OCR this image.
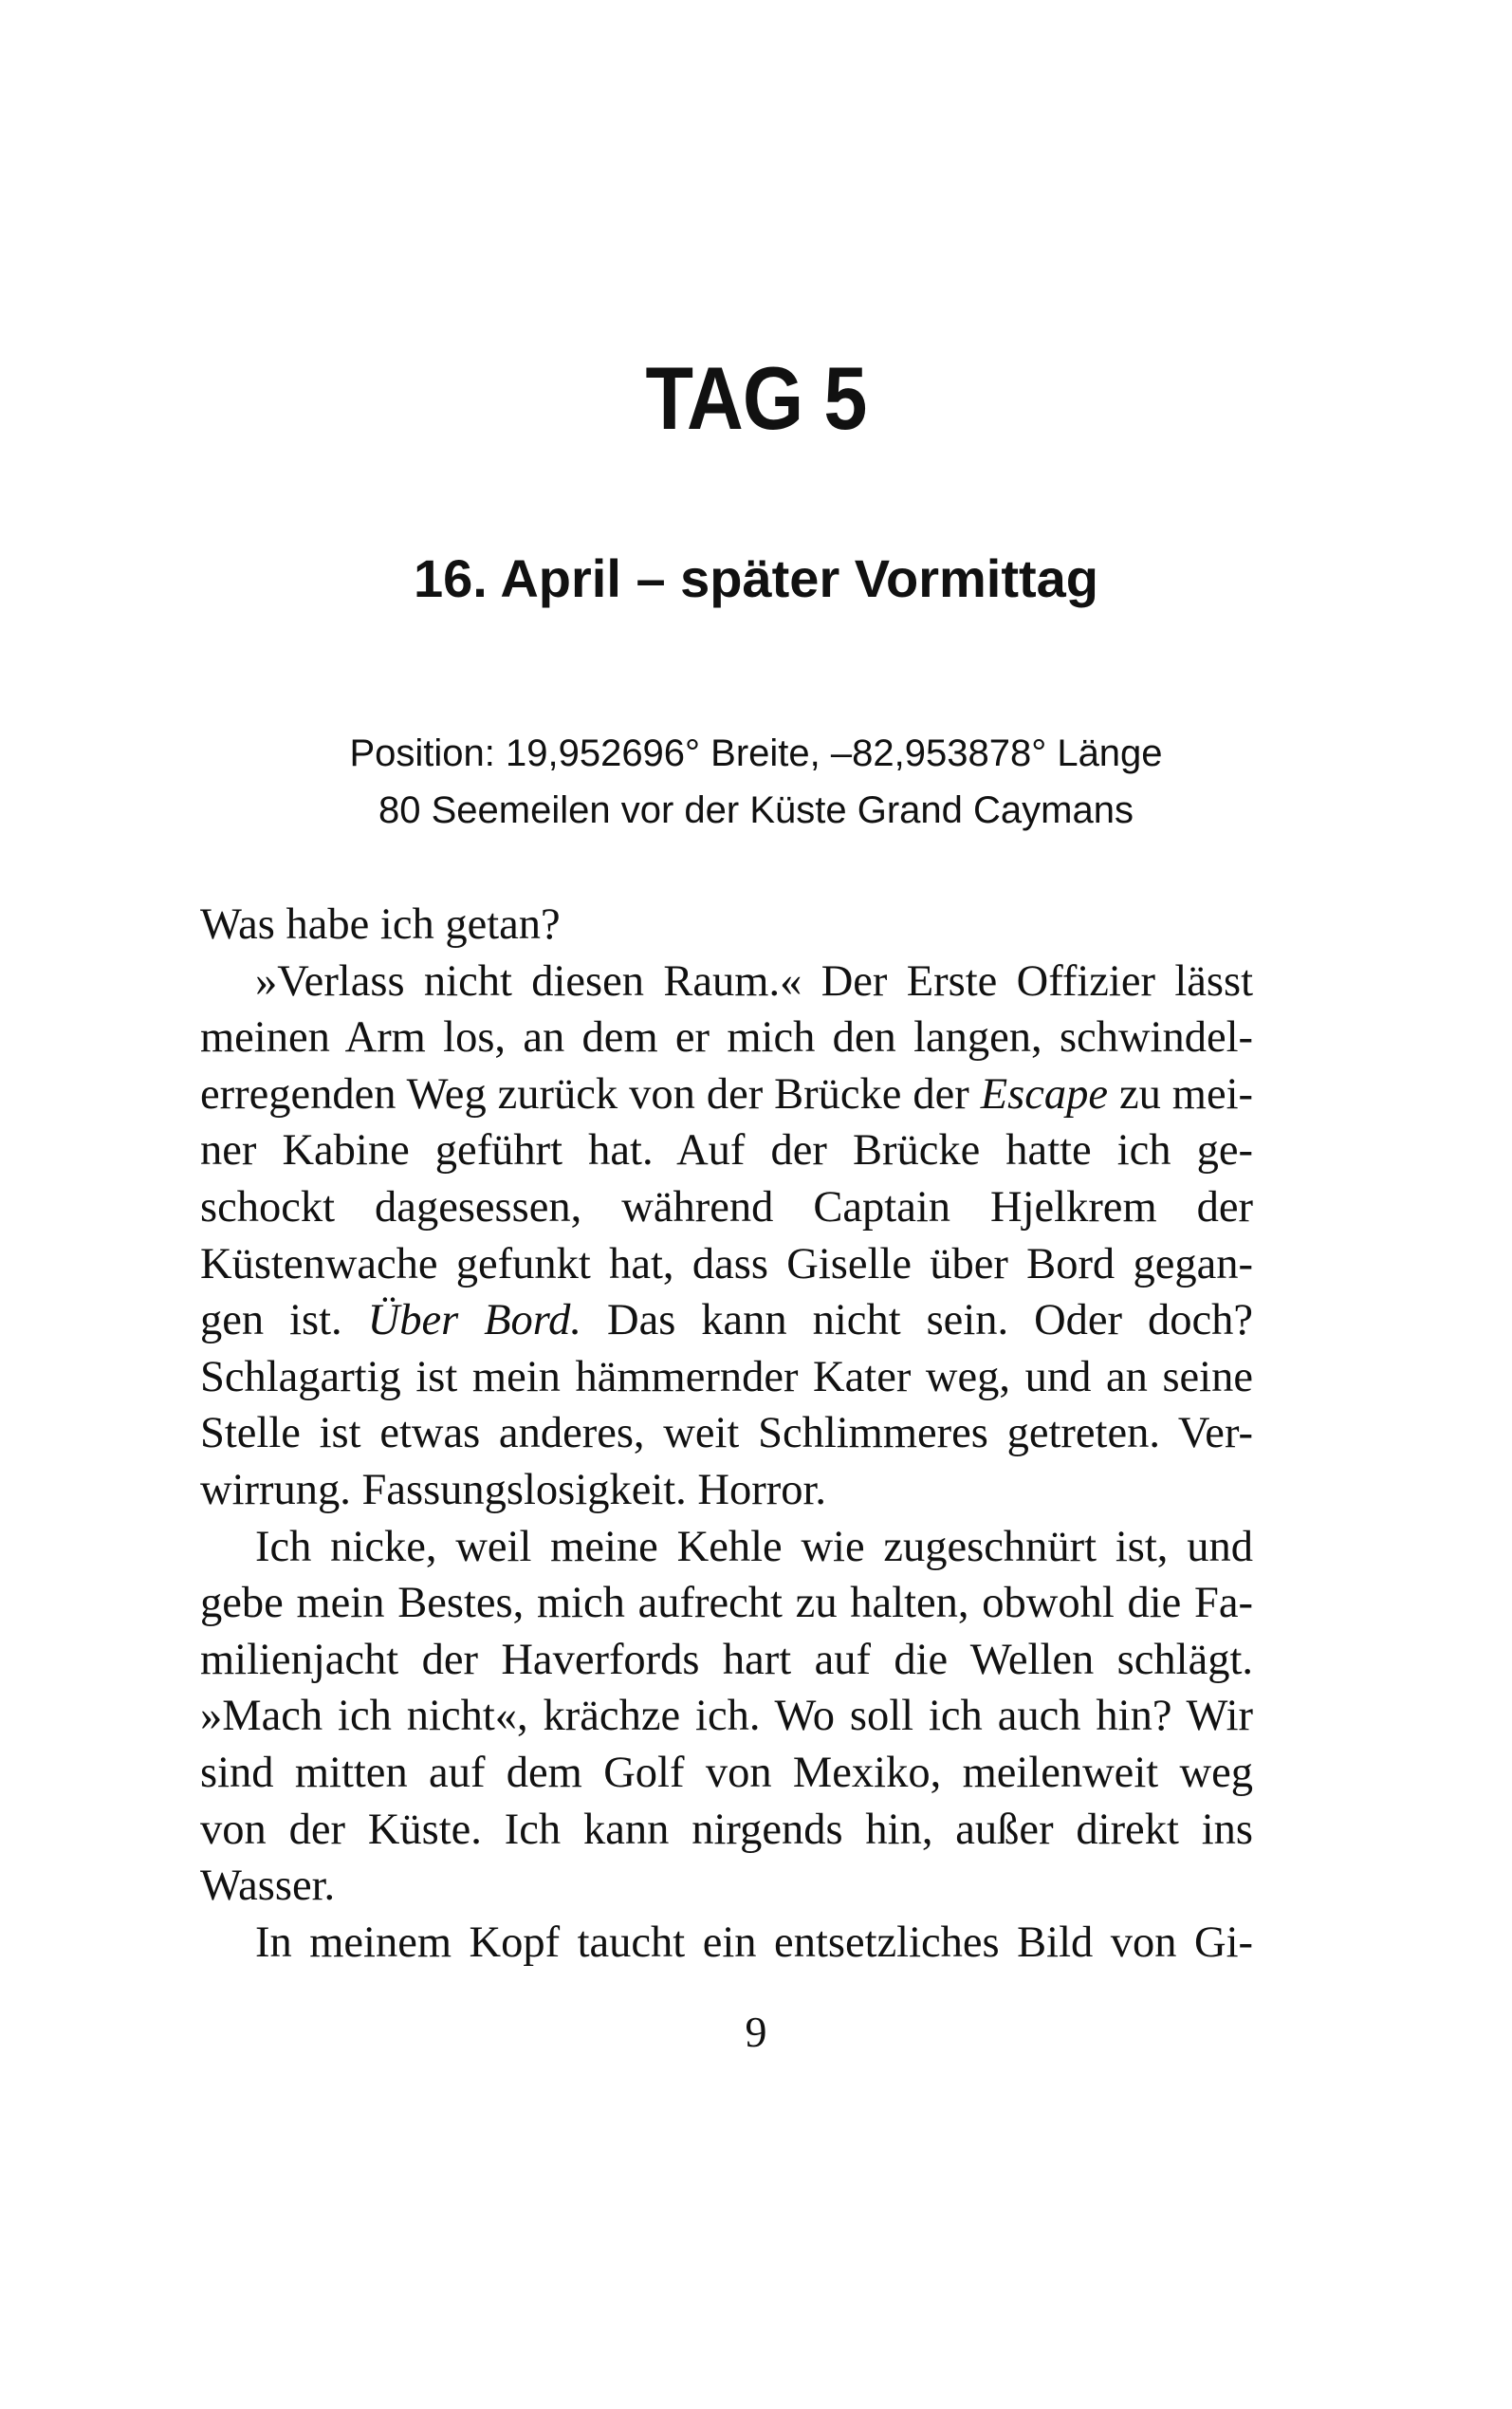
TAG 5
16. April – später Vormittag
Position: 19,952696° Breite, –82,953878° Länge
80 Seemeilen vor der Küste Grand Caymans
Was habe ich getan?
»Verlass nicht diesen Raum.« Der Erste Offizier lässt
meinen Arm los, an dem er mich den langen, schwindel-
erregenden Weg zurück von der Brücke der Escape zu mei-
ner Kabine geführt hat. Auf der Brücke hatte ich ge-
schockt dagesessen, während Captain Hjelkrem der
Küstenwache gefunkt hat, dass Giselle über Bord gegan-
gen ist. Über Bord. Das kann nicht sein. Oder doch?
Schlagartig ist mein hämmernder Kater weg, und an seine
Stelle ist etwas anderes, weit Schlimmeres getreten. Ver-
wirrung. Fassungslosigkeit. Horror.
Ich nicke, weil meine Kehle wie zugeschnürt ist, und
gebe mein Bestes, mich aufrecht zu halten, obwohl die Fa-
milienjacht der Haverfords hart auf die Wellen schlägt.
»Mach ich nicht«, krächze ich. Wo soll ich auch hin? Wir
sind mitten auf dem Golf von Mexiko, meilenweit weg
von der Küste. Ich kann nirgends hin, außer direkt ins
Wasser.
In meinem Kopf taucht ein entsetzliches Bild von Gi-
9
